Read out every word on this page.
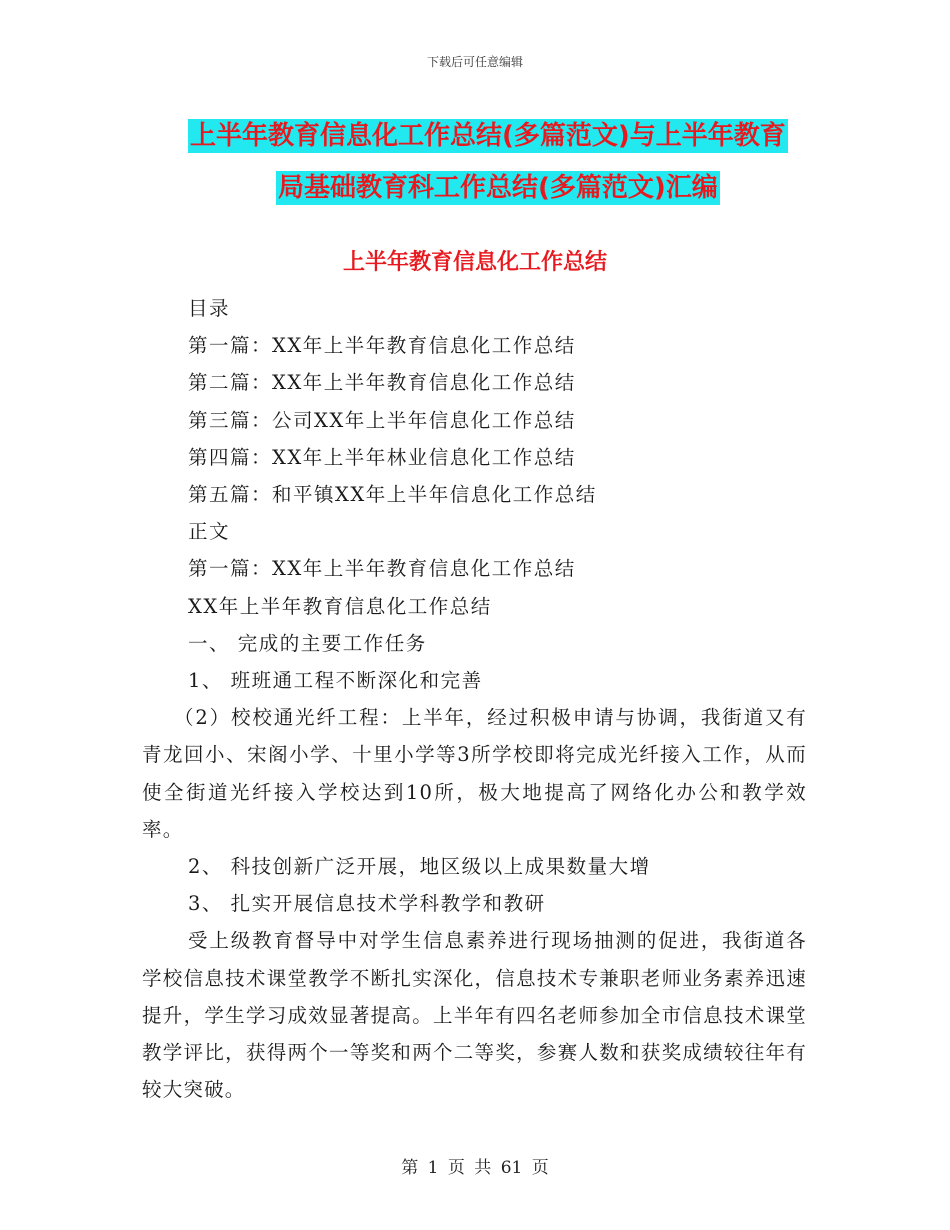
下载后可任意编辑
上半年教育信息化工作总结(多篇范文)与上半年教育

局基础教育科工作总结(多篇范文)汇编
上半年教育信息化工作总结
目录
第一篇：XX年上半年教育信息化工作总结
第二篇：XX年上半年教育信息化工作总结
第三篇：公司XX年上半年信息化工作总结
第四篇：XX年上半年林业信息化工作总结
第五篇：和平镇XX年上半年信息化工作总结
正文
第一篇：XX年上半年教育信息化工作总结
XX年上半年教育信息化工作总结
一、 完成的主要工作任务
1、 班班通工程不断深化和完善
（2）校校通光纤工程：上半年，经过积极申请与协调，我街道又有青龙回小、宋阁小学、十里小学等3所学校即将完成光纤接入工作，从而使全街道光纤接入学校达到10所，极大地提高了网络化办公和教学效率。
2、 科技创新广泛开展，地区级以上成果数量大增
3、 扎实开展信息技术学科教学和教研
受上级教育督导中对学生信息素养进行现场抽测的促进，我街道各学校信息技术课堂教学不断扎实深化，信息技术专兼职老师业务素养迅速提升，学生学习成效显著提高。上半年有四名老师参加全市信息技术课堂教学评比，获得两个一等奖和两个二等奖，参赛人数和获奖成绩较往年有较大突破。
第 1 页 共 61 页
